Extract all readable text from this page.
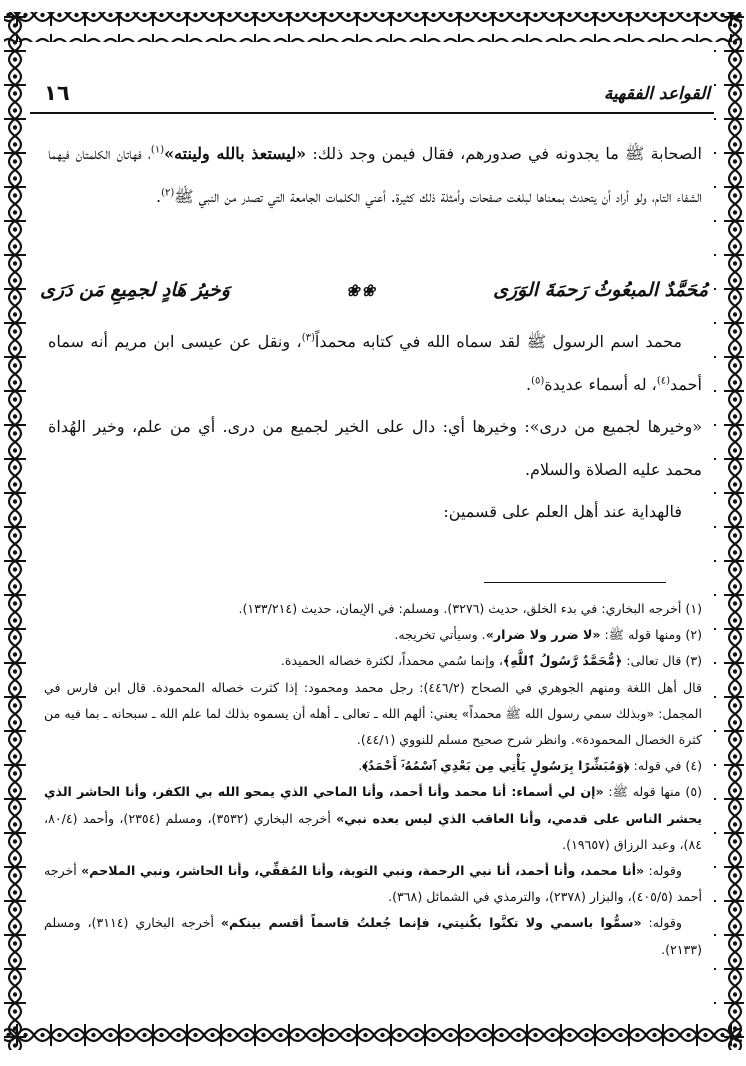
القواعد الفقهية
١٦

الصحابة ﷺ ما يجدونه في صدورهم، فقال فيمن وجد ذلك: «ليستعذ بالله ولينته»$^{(١)}$، فهاتان الكلمتان فيهما الشفاء التام، ولو أراد أن يتحدث بمعناها لبلغت صفحات وأمثلة ذلك كثيرة. أعني الكلمات الجامعة التي تصدر من النبي ﷺ$^{(٢)}$.

مُحَمَّدٌ المبعُوثُ رَحمَةَ الوَرَى
❀❀
وَخيرُ هَادٍ لجمِيعِ مَن دَرَى

محمد اسم الرسول ﷺ لقد سماه الله في كتابه محمداً$^{(٣)}$، ونقل عن عيسى ابن مريم أنه سماه أحمد$^{(٤)}$، له أسماء عديدة$^{(٥)}$.

«وخيرها لجميع من درى»: وخيرها أي: دال على الخير لجميع من درى. أي من علم، وخير الهُداة محمد عليه الصلاة والسلام.

فالهداية عند أهل العلم على قسمين:

(١) أخرجه البخاري: في بدء الخلق، حديث (٣٢٧٦). ومسلم: في الإيمان، حديث (١٣٣/٢١٤).

(٢) ومنها قوله ﷺ: «لا ضرر ولا ضرار». وسيأتي تخريجه.

(٣) قال تعالى: ﴿مُّحَمَّدٌ رَّسُولُ ٱللَّهِ﴾، وإنما سُمي محمداً، لكثرة خصاله الحميدة.

قال أهل اللغة ومنهم الجوهري في الصحاح (٤٤٦/٢): رجل محمد ومحمود: إذا كثرت خصاله المحمودة. قال ابن فارس في المجمل: «وبذلك سمي رسول الله ﷺ محمداً» يعني: ألهم الله ـ تعالى ـ أهله أن يسموه بذلك لما علم الله ـ سبحانه ـ بما فيه من كثرة الخصال المحمودة». وانظر شرح صحيح مسلم للنووي (٤٤/١).

(٤) في قوله: ﴿وَمُبَشِّرًا بِرَسُولٍ يَأْتِي مِن بَعْدِي ٱسْمُهُۥٓ أَحْمَدُ﴾.

(٥) منها قوله ﷺ: «إن لي أسماء: أنا محمد وأنا أحمد، وأنا الماحي الذي يمحو الله بي الكفر، وأنا الحاشر الذي يحشر الناس على قدمي، وأنا العاقب الذي ليس بعده نبي» أخرجه البخاري (٣٥٣٢)، ومسلم (٢٣٥٤)، وأحمد (٨٠/٤، ٨٤)، وعبد الرزاق (١٩٦٥٧).

وقوله: «أنا محمد، وأنا أحمد، أنا نبي الرحمة، ونبي التوبة، وأنا المُقفِّي، وأنا الحاشر، ونبي الملاحم» أخرجه أحمد (٤٠٥/٥)، والبزار (٢٣٧٨)، والترمذي في الشمائل (٣٦٨).

وقوله: «سمُّوا باسمي ولا تكنَّوا بكُنيتي، فإنما جُعلتُ قاسماً أقسم بينكم» أخرجه البخاري (٣١١٤)، ومسلم (٢١٣٣).
